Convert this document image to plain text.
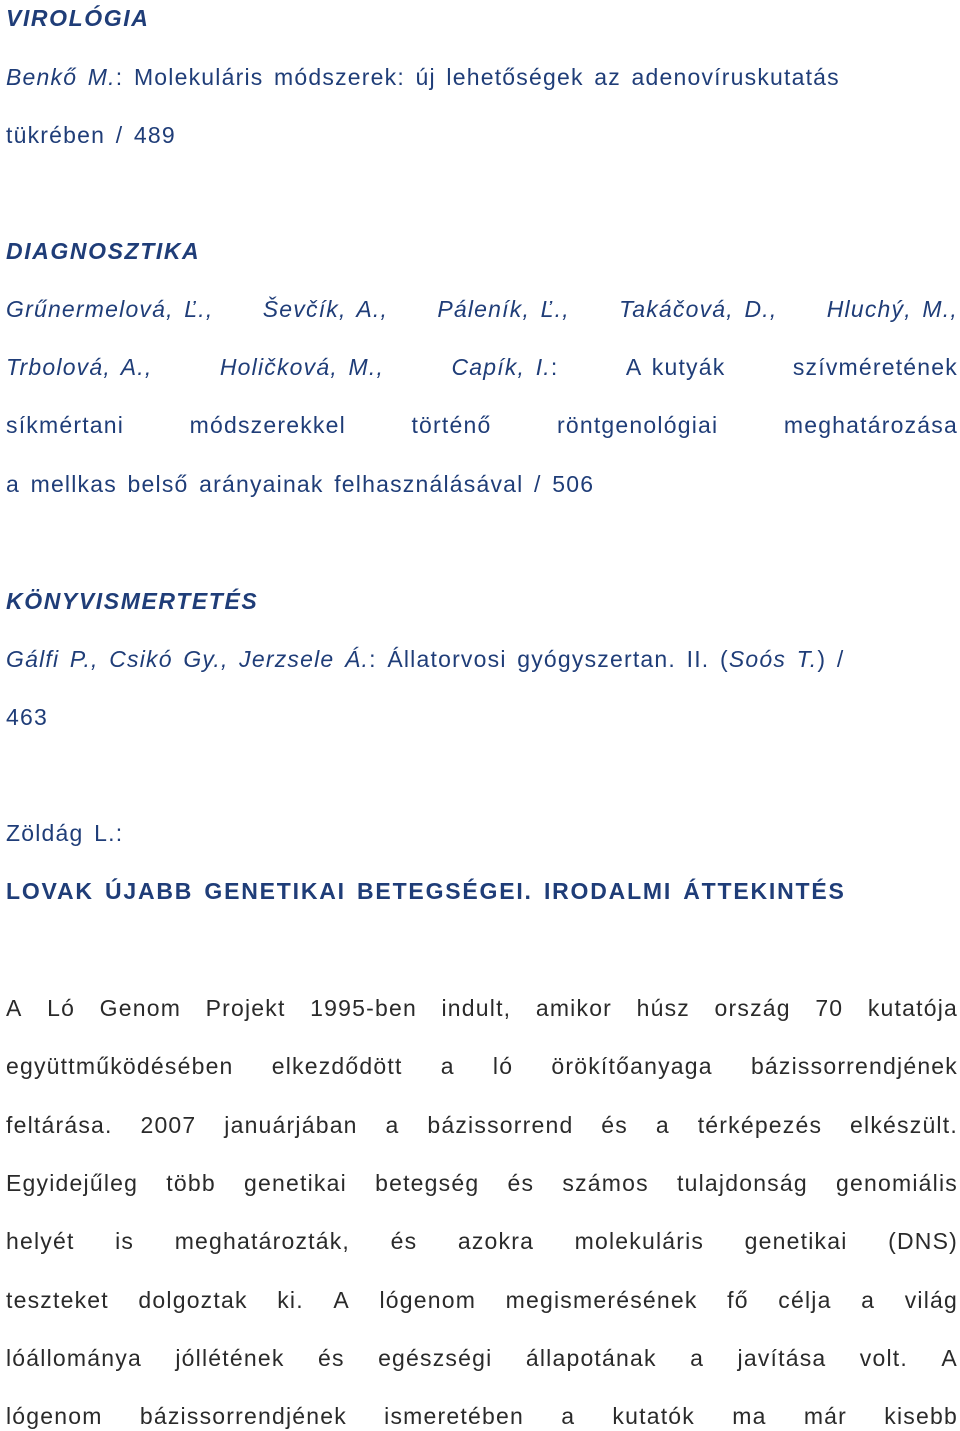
VIROLÓGIA
Benkő M.: Molekuláris módszerek: új lehetőségek az adenovíruskutatás
tükrében / 489
DIAGNOSZTIKA
Grűnermelová, Ľ., Ševčík, A., Páleník, Ľ., Takáčová, D., Hluchý, M.,
Trbolová, A.,	Holičková, M.,	Capík, I.:	A kutyák	szívméretének
síkmértani	módszerekkel	történő	röntgenológiai	meghatározása
a mellkas belső arányainak felhasználásával / 506
KÖNYVISMERTETÉS
Gálfi P., Csikó Gy., Jerzsele Á.: Állatorvosi gyógyszertan. II. (Soós T.) /
463
Zöldág L.:
LOVAK ÚJABB GENETIKAI BETEGSÉGEI. IRODALMI ÁTTEKINTÉS
A Ló Genom Projekt 1995-ben indult, amikor húsz ország 70 kutatója
együttműködésében elkezdődött a ló örökítőanyaga bázissorrendjének
feltárása. 2007 januárjában a bázissorrend és a térképezés elkészült.
Egyidejűleg több genetikai betegség és számos tulajdonság genomiális
helyét is meghatározták, és azokra molekuláris genetikai (DNS)
teszteket dolgoztak ki. A lógenom megismerésének fő célja a világ
lóállománya jóllétének és egészségi állapotának a javítása volt. A
lógenom bázissorrendjének ismeretében a kutatók ma már kisebb
